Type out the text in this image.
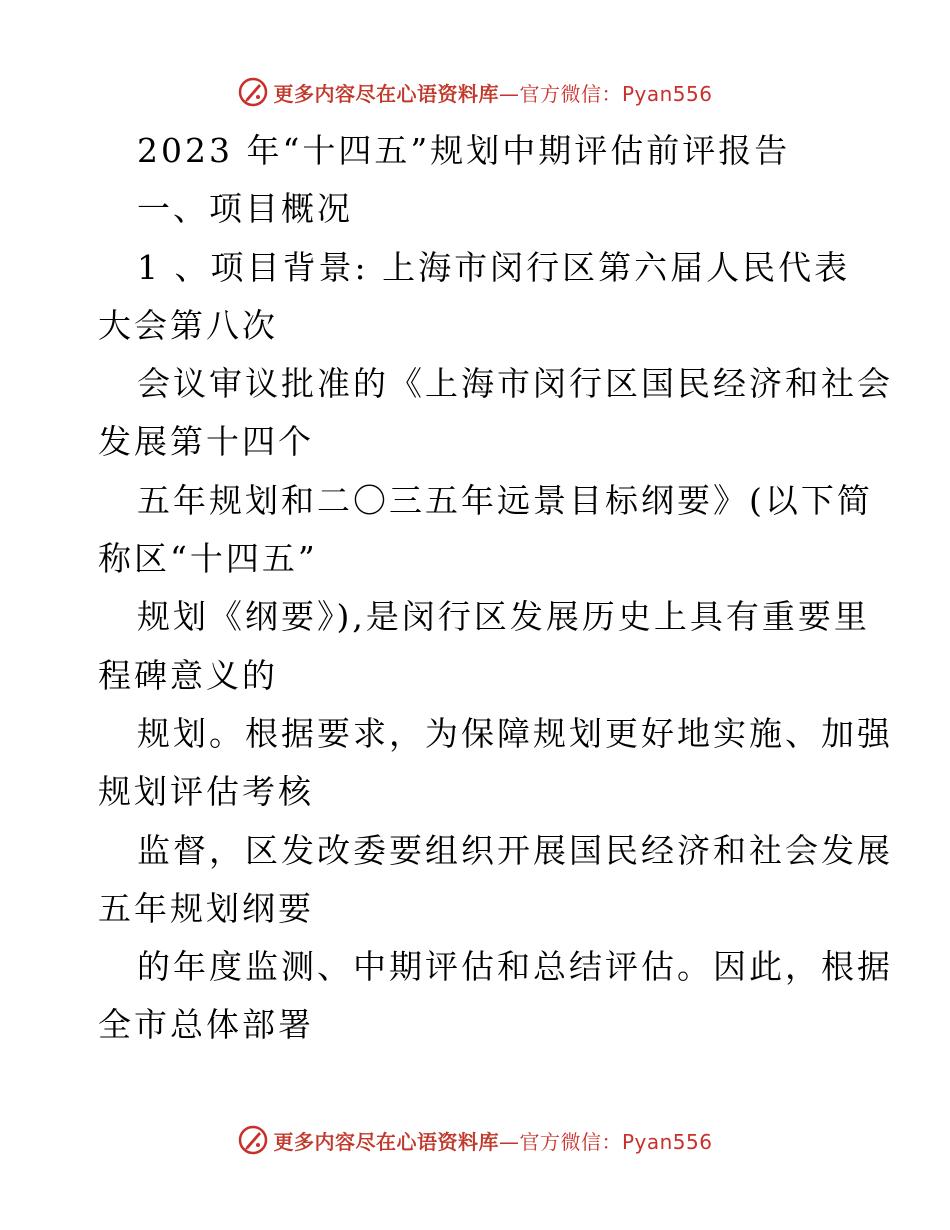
更多内容尽在心语资料库—官方微信：Pyan556
2023 年“十四五”规划中期评估前评报告
一、项目概况
1 、项目背景: 上海市闵行区第六届人民代表
大会第八次
会议审议批准的《上海市闵行区国民经济和社会
发展第十四个
五年规划和二〇三五年远景目标纲要》(以下简
称区“十四五”
规划《纲要》),是闵行区发展历史上具有重要里
程碑意义的
规划。根据要求，为保障规划更好地实施、加强
规划评估考核
监督，区发改委要组织开展国民经济和社会发展
五年规划纲要
的年度监测、中期评估和总结评估。因此，根据
全市总体部署
更多内容尽在心语资料库—官方微信：Pyan556
